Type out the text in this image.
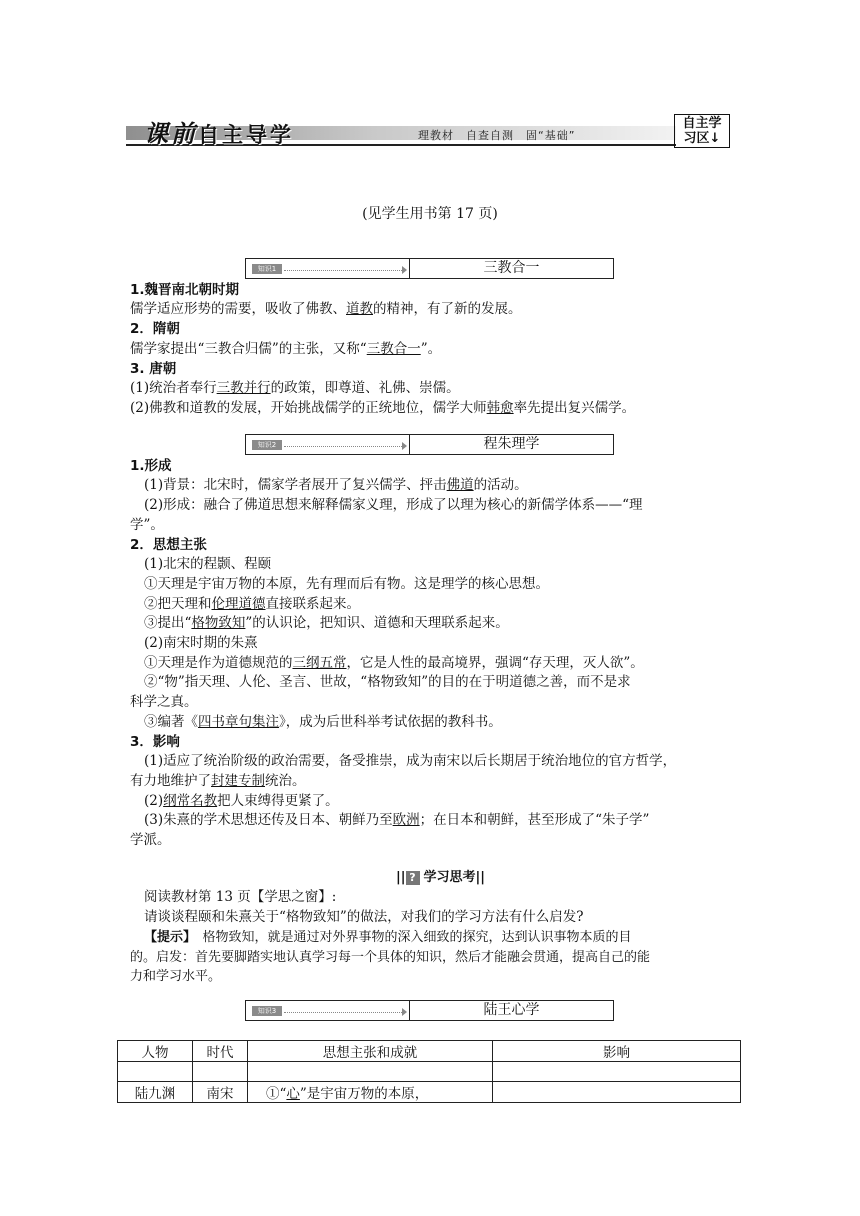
课前自主导学	理教材　自查自测　固“基础”
自主学
习区↓
(见学生用书第 17 页)
知识1	三教合一
1.魏晋南北朝时期
儒学适应形势的需要，吸收了佛教、道教的精神，有了新的发展。
2．隋朝
儒学家提出“三教合归儒”的主张，又称“三教合一”。
3. 唐朝
(1)统治者奉行三教并行的政策，即尊道、礼佛、崇儒。
(2)佛教和道教的发展，开始挑战儒学的正统地位，儒学大师韩愈率先提出复兴儒学。
知识2	程朱理学
1.形成
(1)背景：北宋时，儒家学者展开了复兴儒学、抨击佛道的活动。
(2)形成：融合了佛道思想来解释儒家义理，形成了以理为核心的新儒学体系——“理
学”。
2．思想主张
(1)北宋的程颢、程颐
①天理是宇宙万物的本原，先有理而后有物。这是理学的核心思想。
②把天理和伦理道德直接联系起来。
③提出“格物致知”的认识论，把知识、道德和天理联系起来。
(2)南宋时期的朱熹
①天理是作为道德规范的三纲五常，它是人性的最高境界，强调“存天理，灭人欲”。
②“物”指天理、人伦、圣言、世故，“格物致知”的目的在于明道德之善，而不是求
科学之真。
③编著《四书章句集注》，成为后世科举考试依据的教科书。
3．影响
(1)适应了统治阶级的政治需要，备受推崇，成为南宋以后长期居于统治地位的官方哲学，
有力地维护了封建专制统治。
(2)纲常名教把人束缚得更紧了。
(3)朱熹的学术思想还传及日本、朝鲜乃至欧洲；在日本和朝鲜，甚至形成了“朱子学”
学派。
|| ? 学习思考||
阅读教材第 13 页【学思之窗】:
请谈谈程颐和朱熹关于“格物致知”的做法，对我们的学习方法有什么启发?
【提示】　格物致知，就是通过对外界事物的深入细致的探究，达到认识事物本质的目
的。启发：首先要脚踏实地认真学习每一个具体的知识，然后才能融会贯通，提高自己的能
力和学习水平。
知识3	陆王心学
人物	时代	思想主张和成就	影响

陆九渊	南宋	①“心”是宇宙万物的本原，	
